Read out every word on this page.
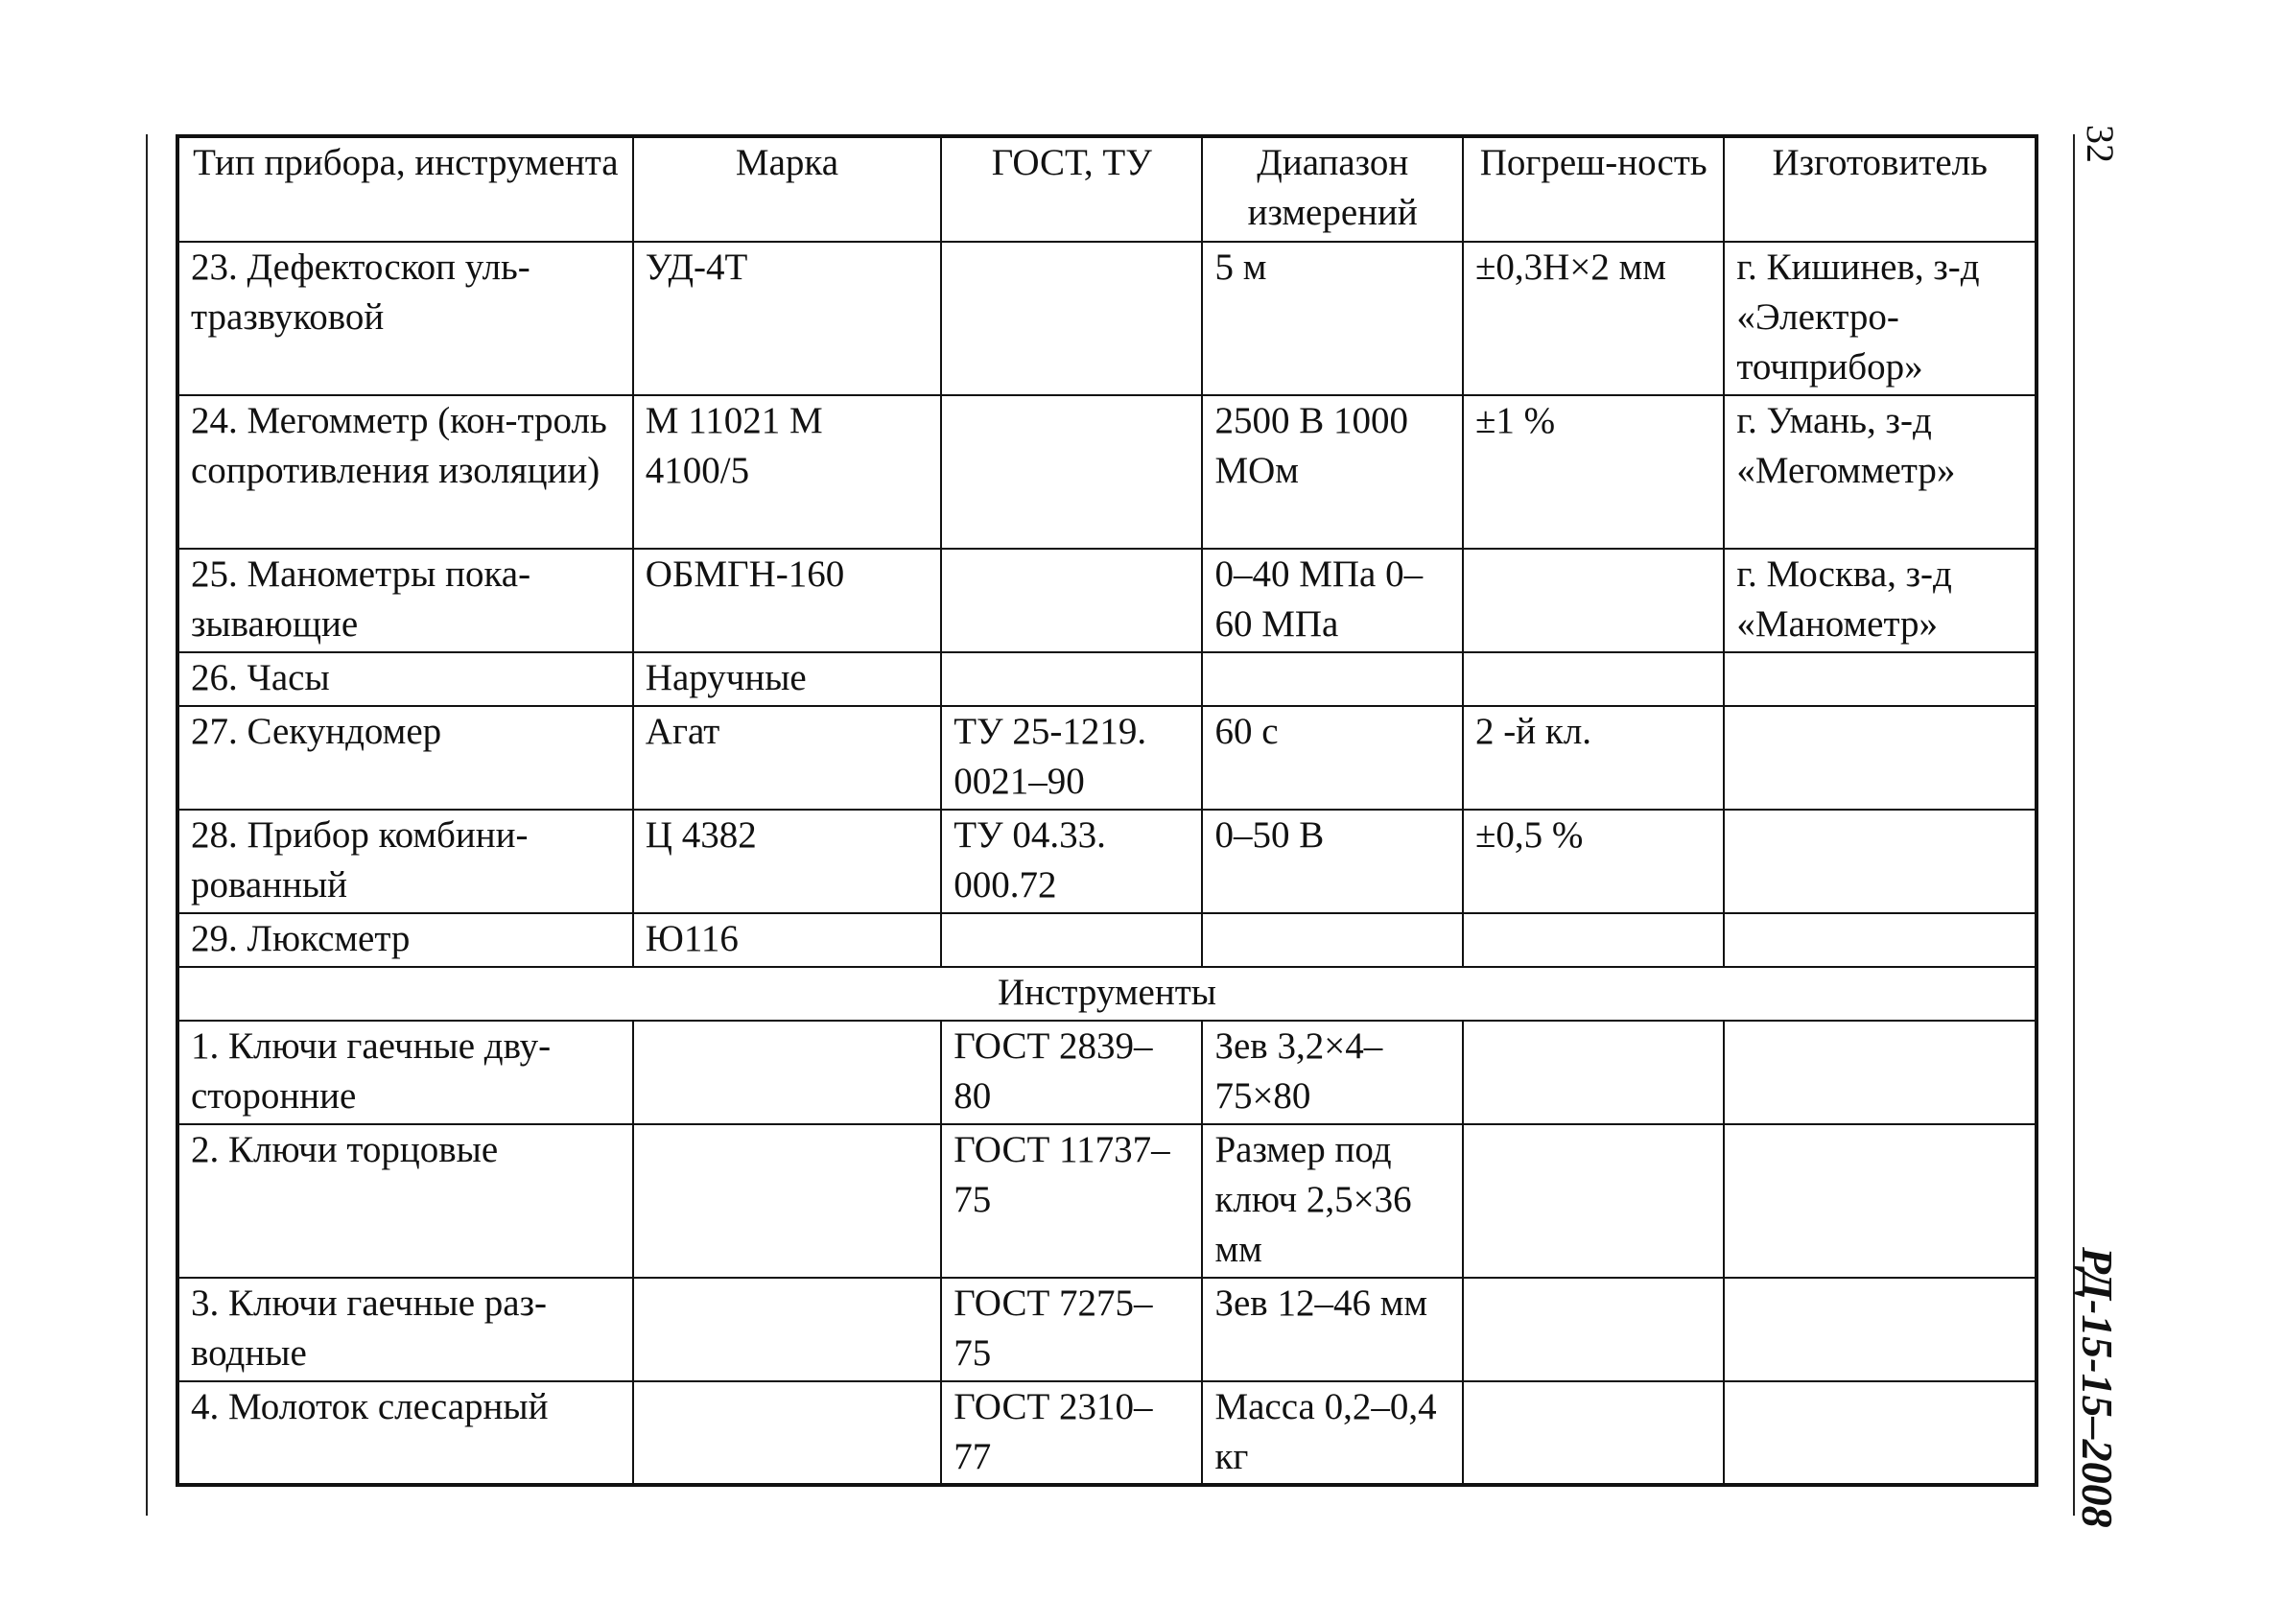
32
РД-15-15–2008
Тип прибора, инструмента	Марка	ГОСТ, ТУ	Диапазон измерений	Погреш-ность	Изготовитель
23. Дефектоскоп уль-тразвуковой	УД-4Т		5 м	±0,3Н×2 мм	г. Кишинев, з-д «Электро-точприбор»
24. Мегомметр (кон-троль сопротивления изоляции)	М 11021 М 4100/5		2500 В 1000 МОм	±1 %	г. Умань, з-д «Мегомметр»
25. Манометры пока-зывающие	ОБМГН-160		0–40 МПа 0–60 МПа		г. Москва, з-д «Манометр»
26. Часы	Наручные				
27. Секундомер	Агат	ТУ 25-1219. 0021–90	60 с	2 -й кл.	
28. Прибор комбини-рованный	Ц 4382	ТУ 04.33. 000.72	0–50 В	±0,5 %	
29. Люксметр	Ю116				
Инструменты					
1. Ключи гаечные дву-сторонние		ГОСТ 2839–80	Зев 3,2×4– 75×80		
2. Ключи торцовые		ГОСТ 11737–75	Размер под ключ 2,5×36 мм		
3. Ключи гаечные раз-водные		ГОСТ 7275–75	Зев 12–46 мм		
4. Молоток слесарный		ГОСТ 2310–77	Масса 0,2–0,4 кг		
